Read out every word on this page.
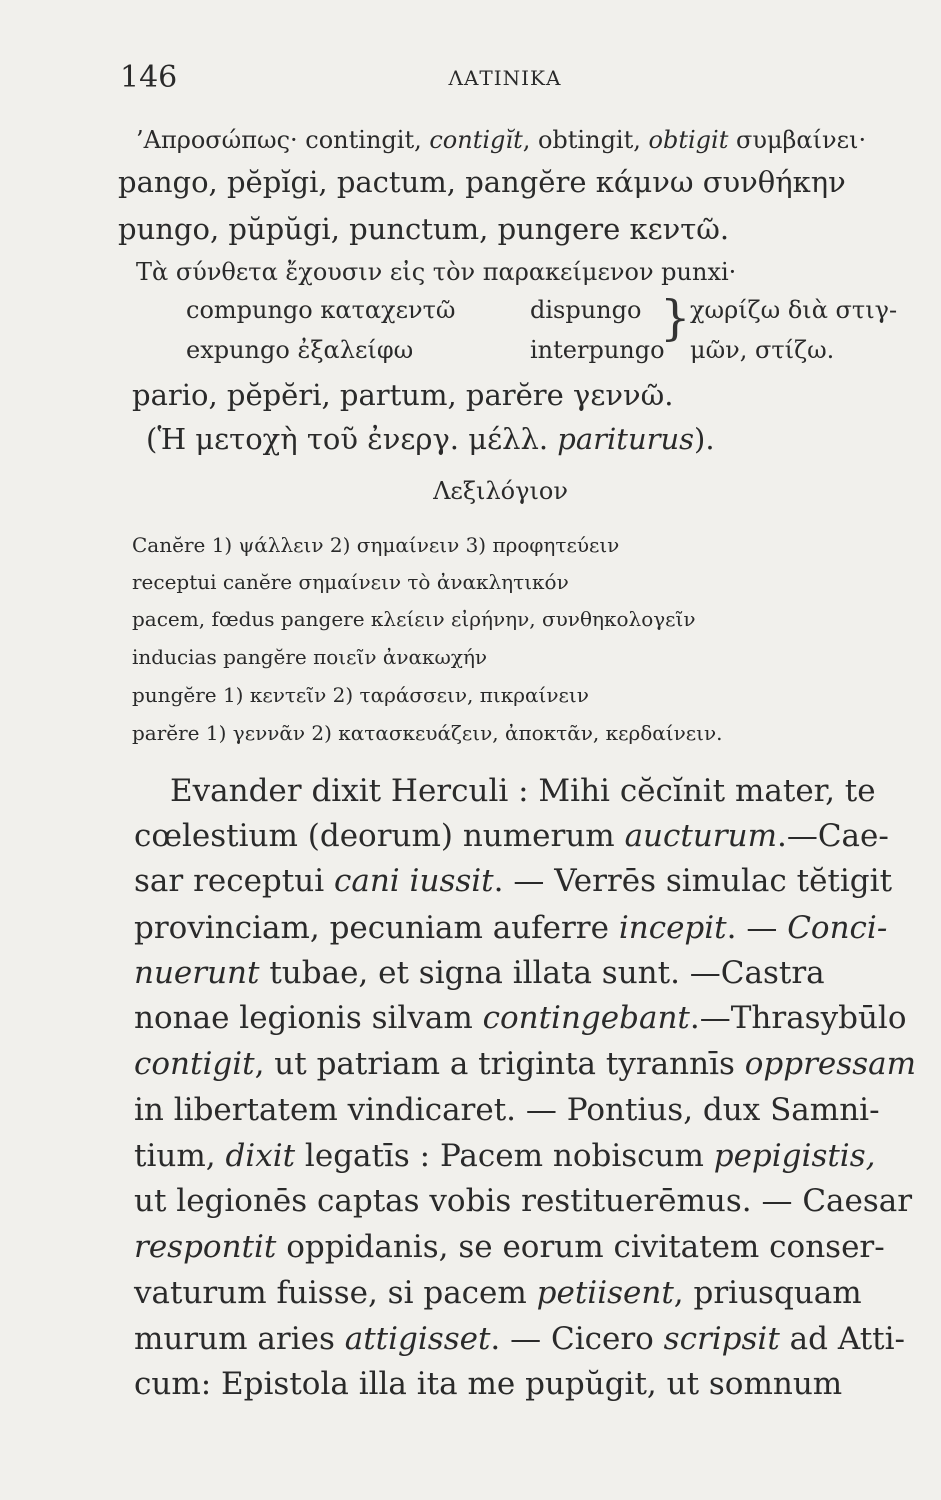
146	ΛΑΤΙΝΙΚΑ
’Απροσώπως· contingit, contigĭt, obtingit, obtigit συμβαίνει·
pango, pĕpĭgi, pactum, pangĕre κάμνω συνθήκην
pungo, pŭpŭgi, punctum, pungere κεντῶ.
Τὰ σύνθετα ἔχουσιν εἰς τὸν παρακείμενον punxi·
compungo καταχεντῶ	dispungo } χωρίζω διὰ στιγ-
expungo ἐξαλείφω	interpungo μῶν, στίζω.
pario, pĕpĕri, partum, parĕre γεννῶ.
(Ἡ μετοχὴ τοῦ ἐνεργ. μέλλ. pariturus).
Λεξιλόγιον
Canĕre 1) ψάλλειν 2) σημαίνειν 3) προφητεύειν
receptui canĕre σημαίνειν τὸ ἀνακλητικόν
pacem, fœdus pangere κλείειν εἰρήνην, συνθηκολογεῖν
inducias pangĕre ποιεῖν ἀνακωχήν
pungĕre 1) κεντεῖν 2) ταράσσειν, πικραίνειν
parĕre 1) γεννᾶν 2) κατασκευάζειν, ἀποκτᾶν, κερδαίνειν.
Evander dixit Herculi : Mihi cĕcĭnit mater, te
cœlestium (deorum) numerum aucturum.—Cae-
sar receptui cani iussit. — Verrēs simulac tĕtigit
provinciam, pecuniam auferre incepit. — Conci-
nuerunt tubae, et signa illata sunt. —Castra
nonae legionis silvam contingebant.—Thrasybūlo
contigit, ut patriam a triginta tyrannīs oppressam
in libertatem vindicaret. — Pontius, dux Samni-
tium, dixit legatīs : Pacem nobiscum pepigistis,
ut legionēs captas vobis restituerēmus. — Caesar
respontit oppidanis, se eorum civitatem conser-
vaturum fuisse, si pacem petiisent, priusquam
murum aries attigisset. — Cicero scripsit ad Atti-
cum: Epistola illa ita me pupŭgit, ut somnum
